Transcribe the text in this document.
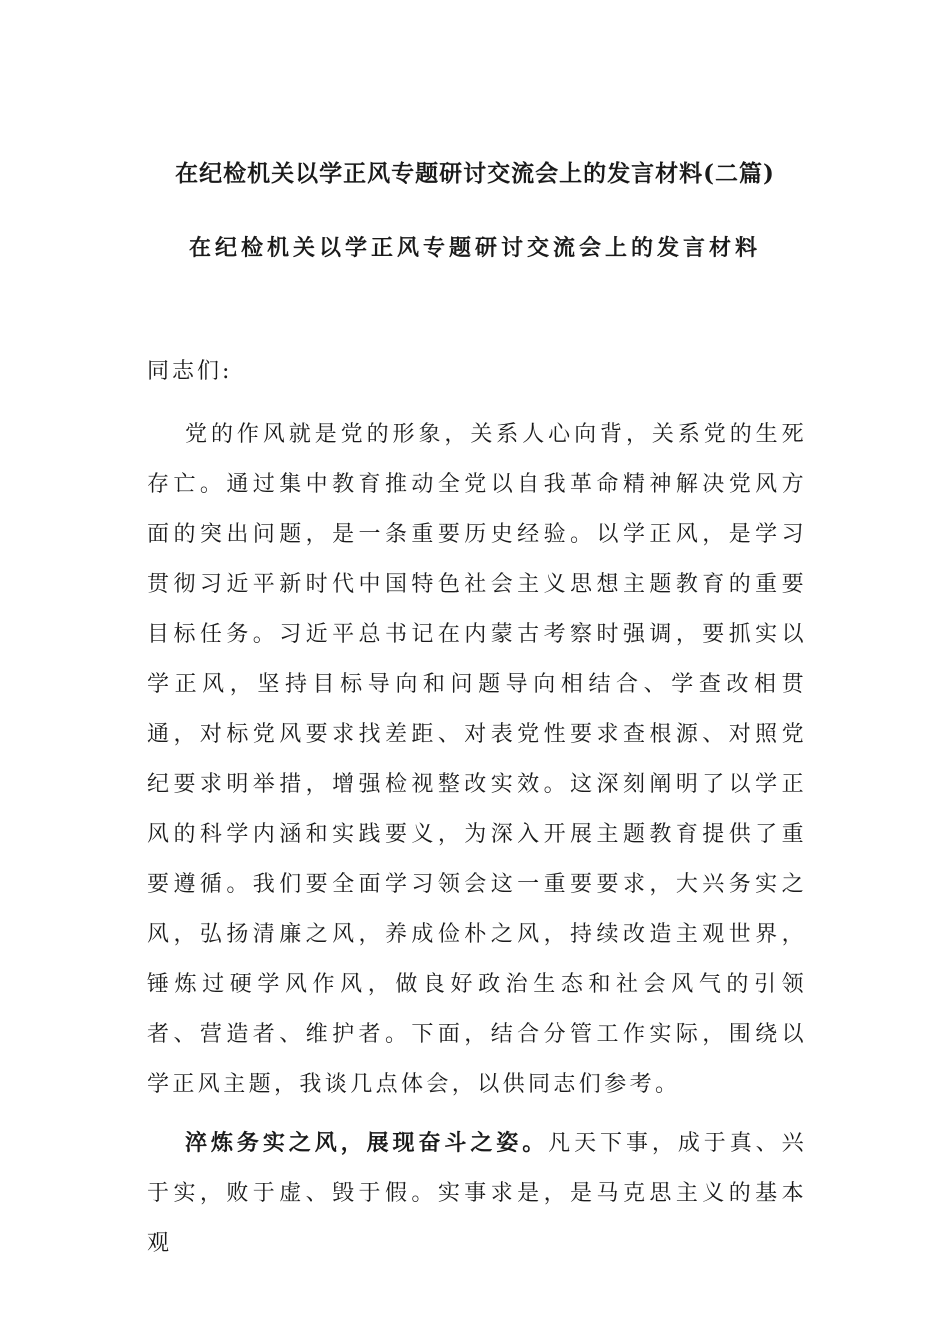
在纪检机关以学正风专题研讨交流会上的发言材料(二篇)
在纪检机关以学正风专题研讨交流会上的发言材料

同志们:

党的作风就是党的形象，关系人心向背，关系党的生死存亡。通过集中教育推动全党以自我革命精神解决党风方面的突出问题，是一条重要历史经验。以学正风，是学习贯彻习近平新时代中国特色社会主义思想主题教育的重要目标任务。习近平总书记在内蒙古考察时强调，要抓实以学正风，坚持目标导向和问题导向相结合、学查改相贯通，对标党风要求找差距、对表党性要求查根源、对照党纪要求明举措，增强检视整改实效。这深刻阐明了以学正风的科学内涵和实践要义，为深入开展主题教育提供了重要遵循。我们要全面学习领会这一重要要求，大兴务实之风，弘扬清廉之风，养成俭朴之风，持续改造主观世界，锤炼过硬学风作风，做良好政治生态和社会风气的引领者、营造者、维护者。下面，结合分管工作实际，围绕以学正风主题，我谈几点体会，以供同志们参考。

淬炼务实之风，展现奋斗之姿。凡天下事，成于真、兴于实，败于虚、毁于假。实事求是，是马克思主义的基本观
